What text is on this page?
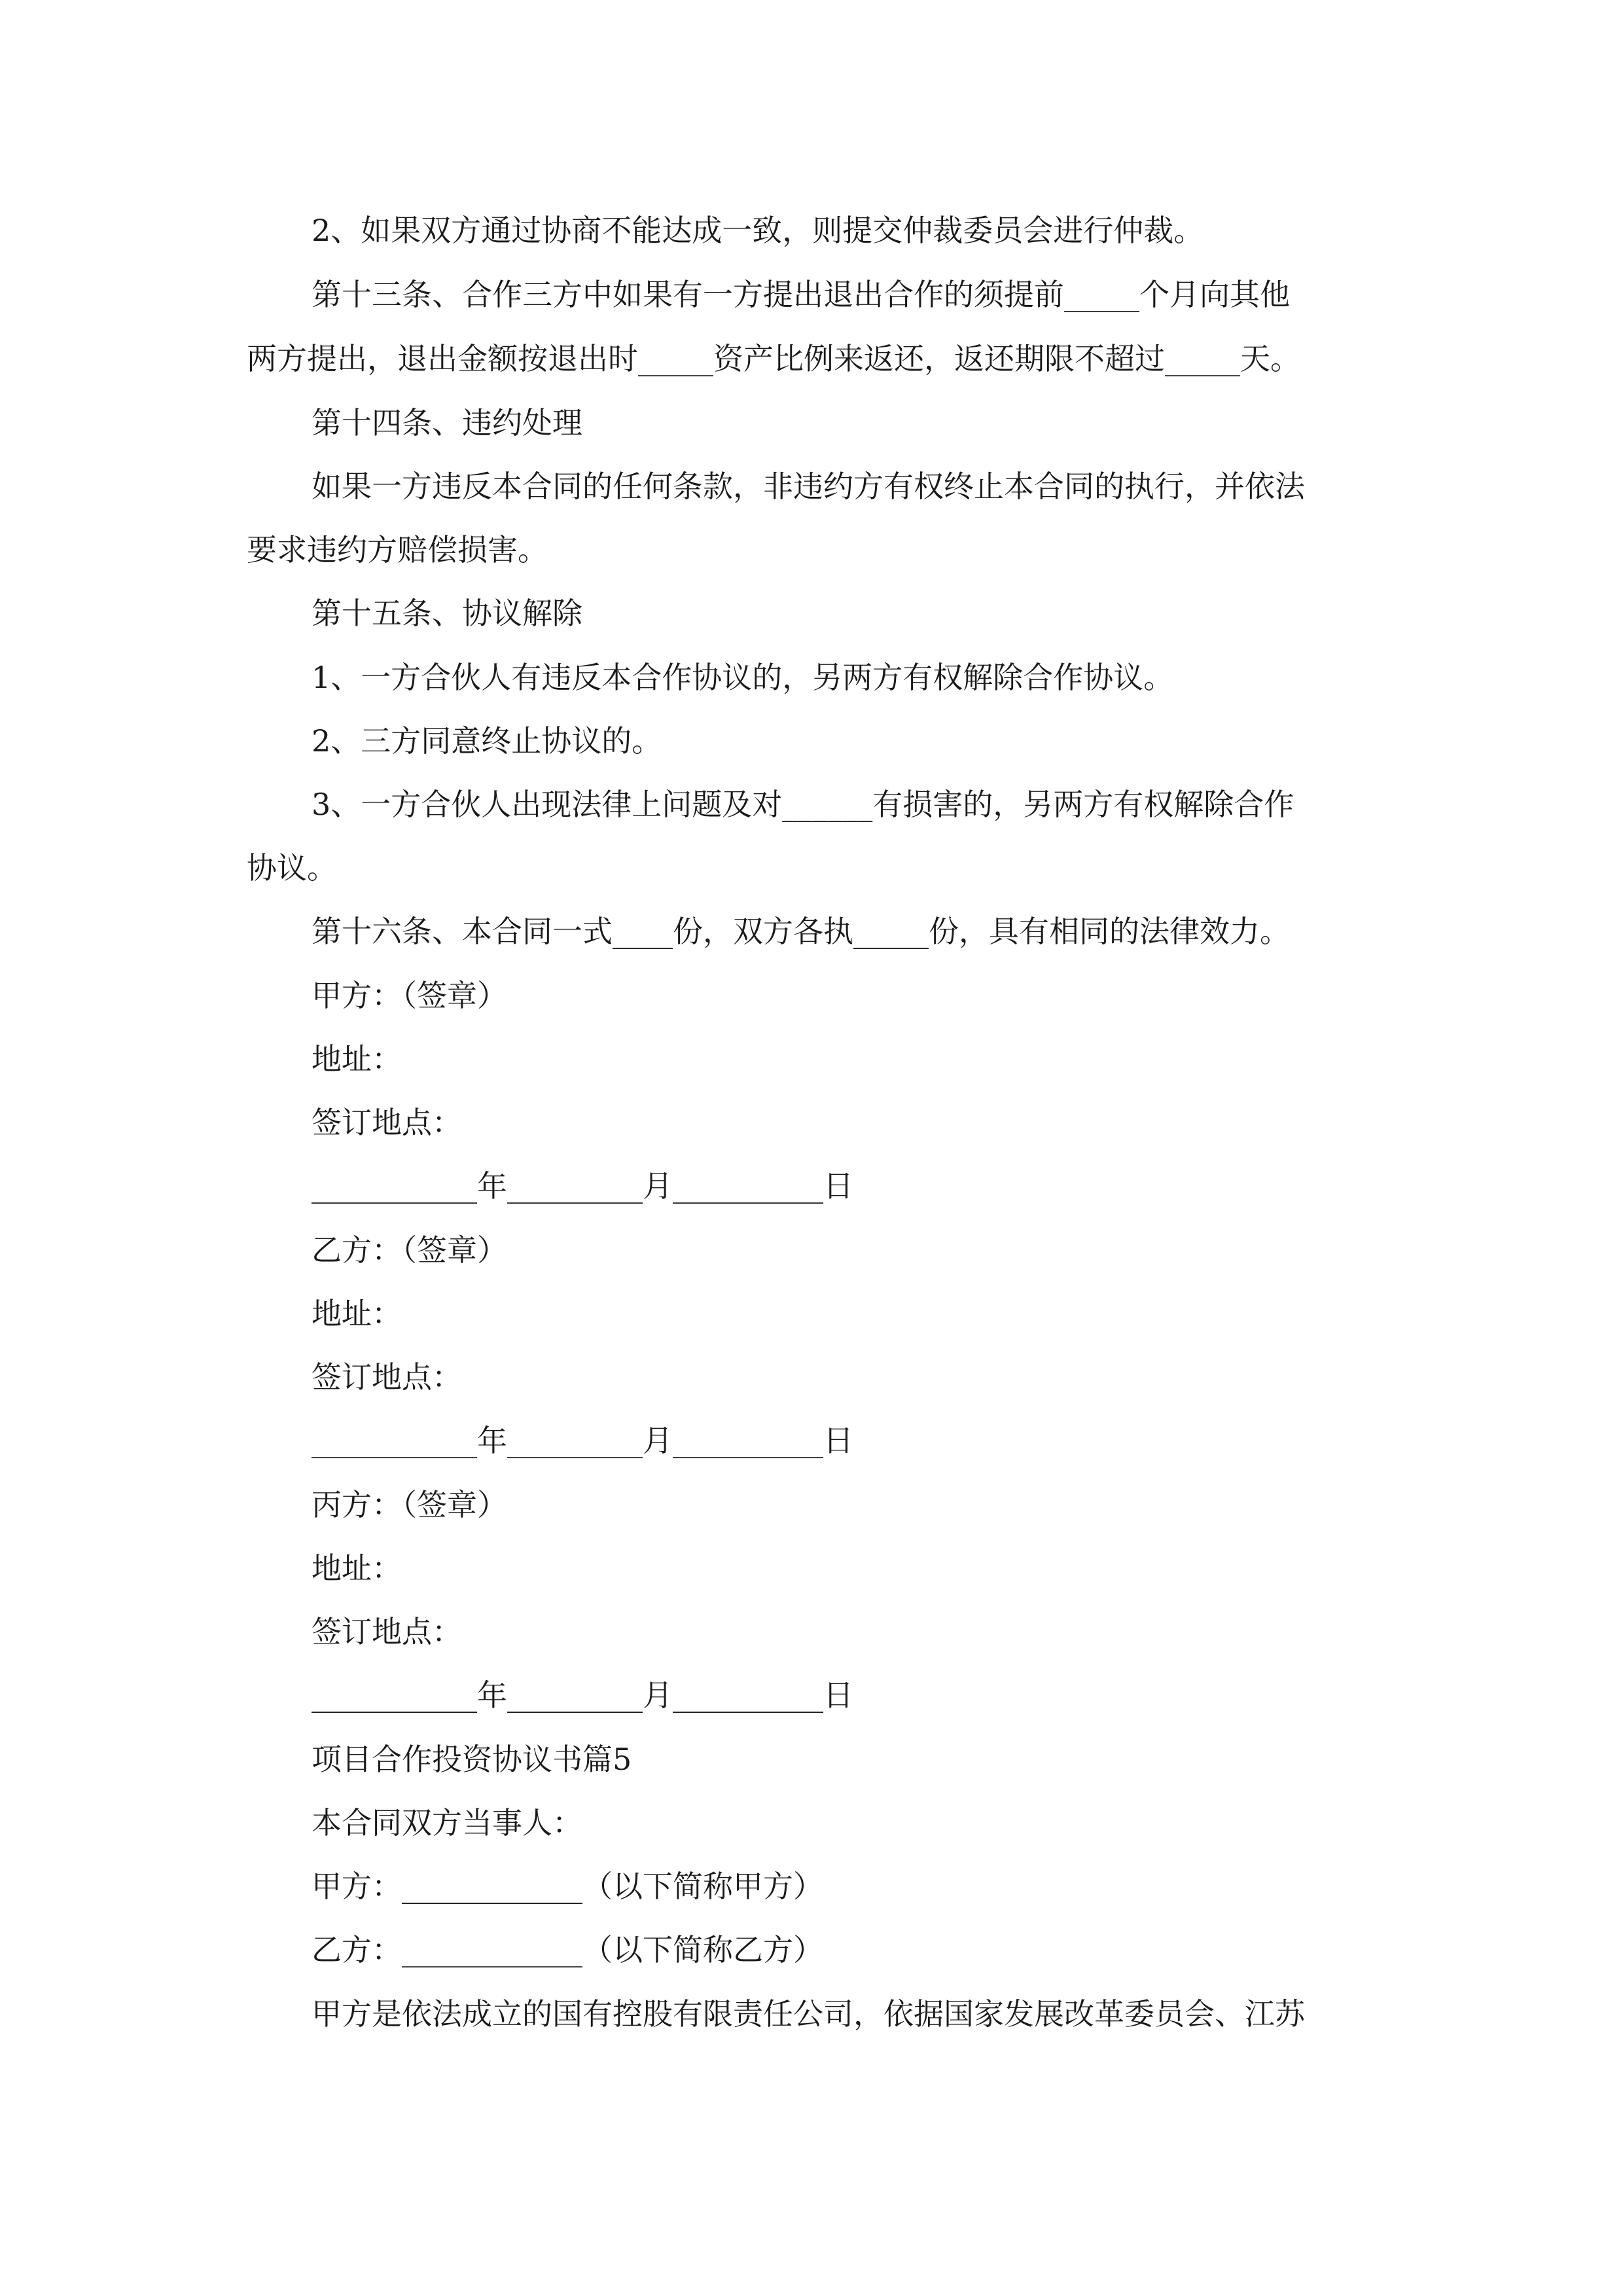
2、如果双方通过协商不能达成一致，则提交仲裁委员会进行仲裁。
第十三条、合作三方中如果有一方提出退出合作的须提前_____个月向其他
两方提出，退出金额按退出时_____资产比例来返还，返还期限不超过_____天。
第十四条、违约处理
如果一方违反本合同的任何条款，非违约方有权终止本合同的执行，并依法
要求违约方赔偿损害。
第十五条、协议解除
1、一方合伙人有违反本合作协议的，另两方有权解除合作协议。
2、三方同意终止协议的。
3、一方合伙人出现法律上问题及对______有损害的，另两方有权解除合作
协议。
第十六条、本合同一式____份，双方各执_____份，具有相同的法律效力。
甲方：（签章）
地址：
签订地点：
___________年_________月__________日
乙方：（签章）
地址：
签订地点：
___________年_________月__________日
丙方：（签章）
地址：
签订地点：
___________年_________月__________日
项目合作投资协议书篇5
本合同双方当事人：
甲方：____________（以下简称甲方）
乙方：____________（以下简称乙方）
甲方是依法成立的国有控股有限责任公司，依据国家发展改革委员会、江苏
